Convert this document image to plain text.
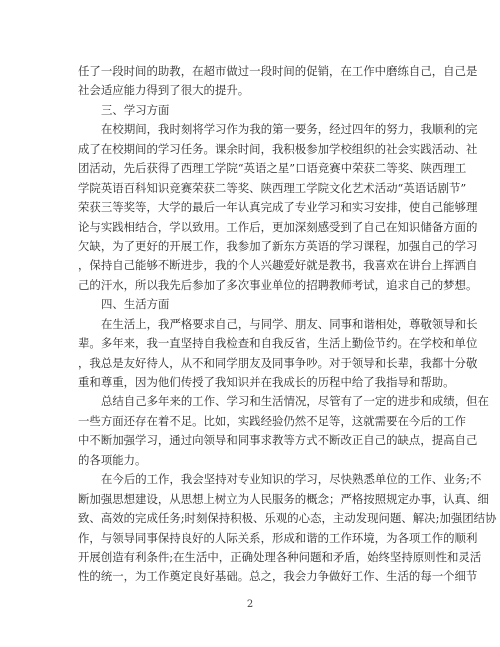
任了一段时间的助教，在超市做过一段时间的促销，在工作中磨练自己，自己是
社会适应能力得到了很大的提升。
三、学习方面
在校期间，我时刻将学习作为我的第一要务，经过四年的努力，我顺利的完
成了在校期间的学习任务。课余时间，我积极参加学校组织的社会实践活动、社
团活动，先后获得了西理工学院“英语之星”口语竞赛中荣获二等奖、陕西理工
学院英语百科知识竞赛荣获二等奖、陕西理工学院文化艺术活动“英语话剧节”
荣获三等奖等，大学的最后一年认真完成了专业学习和实习安排，使自己能够理
论与实践相结合，学以致用。工作后，更加深刻感受到了自己在知识储备方面的
欠缺，为了更好的开展工作，我参加了新东方英语的学习课程，加强自己的学习
，保持自己能够不断进步，我的个人兴趣爱好就是教书，我喜欢在讲台上挥洒自
己的汗水，所以我先后参加了多次事业单位的招聘教师考试，追求自己的梦想。
四、生活方面
在生活上，我严格要求自己，与同学、朋友、同事和谐相处，尊敬领导和长
辈。多年来，我一直坚持自我检查和自我反省，生活上勤俭节约。在学校和单位
，我总是友好待人，从不和同学朋友及同事争吵。对于领导和长辈，我都十分敬
重和尊重，因为他们传授了我知识并在我成长的历程中给了我指导和帮助。
总结自己多年来的工作、学习和生活情况，尽管有了一定的进步和成绩，但在
一些方面还存在着不足。比如，实践经验仍然不足等，这就需要在今后的工作
中不断加强学习，通过向领导和同事求教等方式不断改正自己的缺点，提高自己
的各项能力。
在今后的工作，我会坚持对专业知识的学习，尽快熟悉单位的工作、业务;不
断加强思想建设，从思想上树立为人民服务的概念；严格按照规定办事，认真、细
致、高效的完成任务;时刻保持积极、乐观的心态，主动发现问题、解决;加强团结协
作，与领导同事保持良好的人际关系，形成和谐的工作环境，为各项工作的顺利
开展创造有利条件;在生活中，正确处理各种问题和矛盾，始终坚持原则性和灵活
性的统一，为工作奠定良好基础。总之，我会力争做好工作、生活的每一个细节
2
